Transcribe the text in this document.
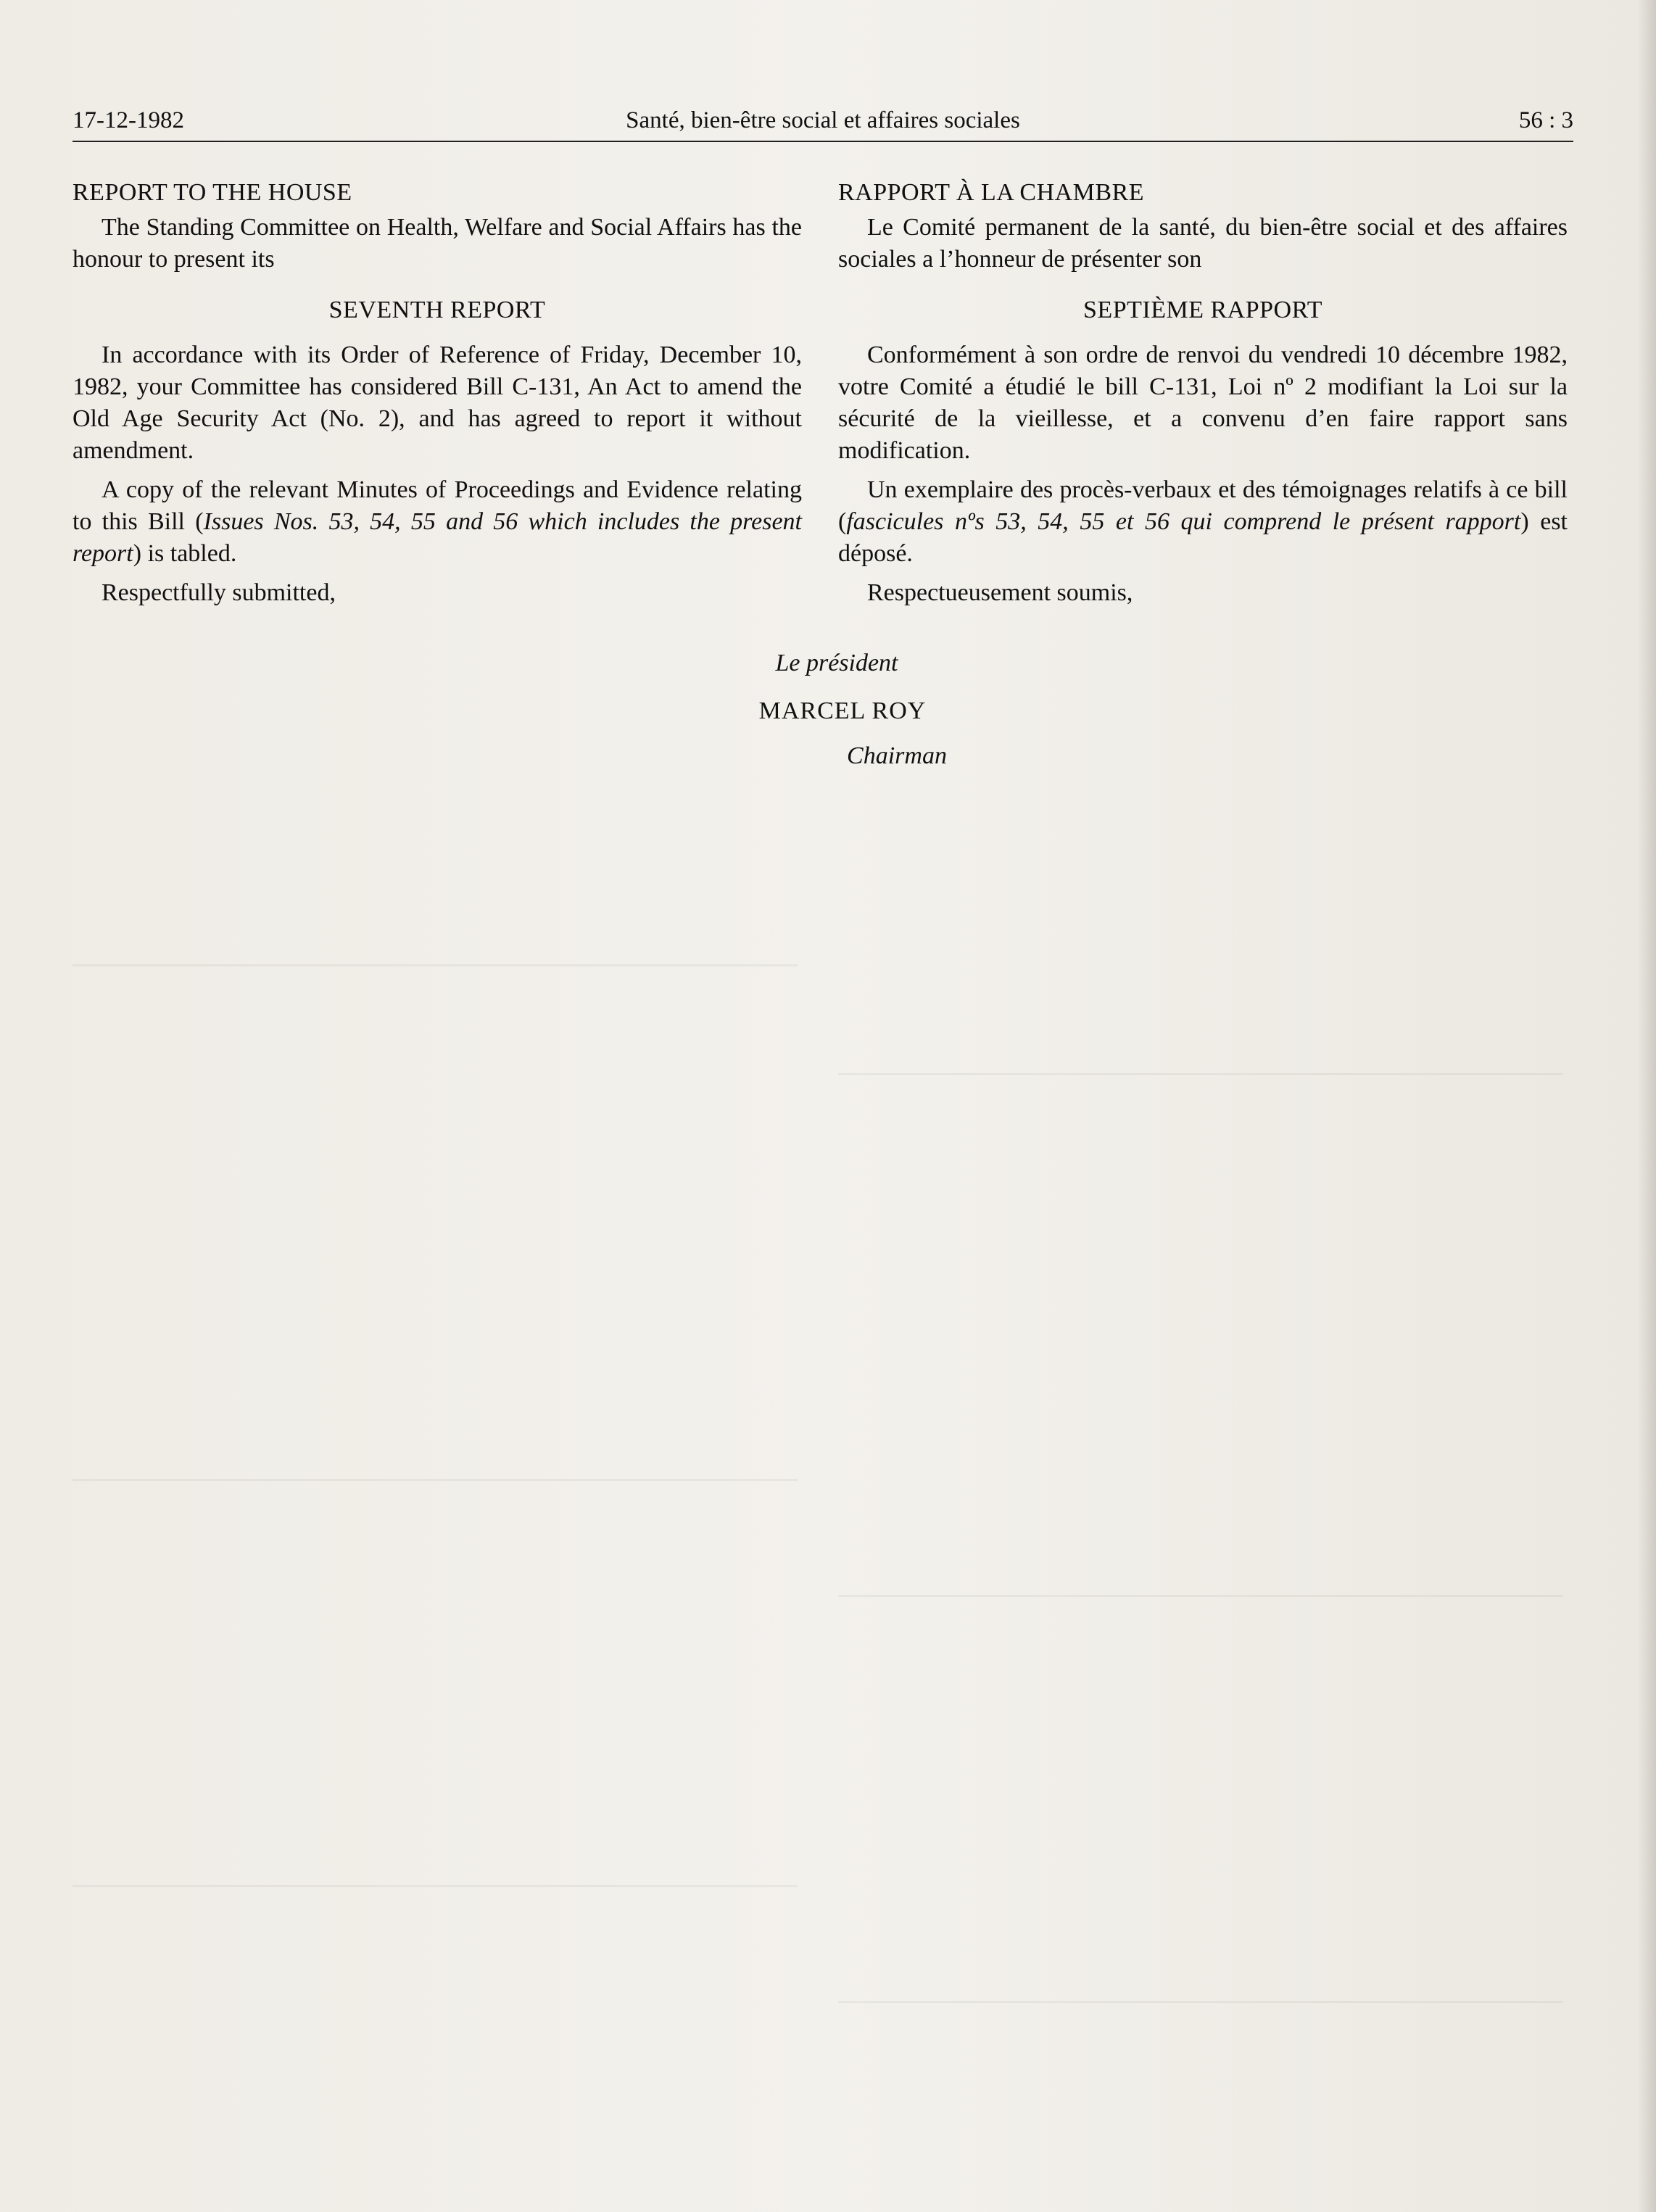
17-12-1982	Santé, bien-être social et affaires sociales	56 : 3

REPORT TO THE HOUSE

The Standing Committee on Health, Welfare and Social Affairs has the honour to present its

SEVENTH REPORT

In accordance with its Order of Reference of Friday, December 10, 1982, your Committee has considered Bill C-131, An Act to amend the Old Age Security Act (No. 2), and has agreed to report it without amendment.

A copy of the relevant Minutes of Proceedings and Evidence relating to this Bill (Issues Nos. 53, 54, 55 and 56 which includes the present report) is tabled.

Respectfully submitted,

RAPPORT À LA CHAMBRE

Le Comité permanent de la santé, du bien-être social et des affaires sociales a l’honneur de présenter son

SEPTIÈME RAPPORT

Conformément à son ordre de renvoi du vendredi 10 décembre 1982, votre Comité a étudié le bill C-131, Loi nº 2 modifiant la Loi sur la sécurité de la vieillesse, et a convenu d’en faire rapport sans modification.

Un exemplaire des procès-verbaux et des témoignages relatifs à ce bill (fascicules nºs 53, 54, 55 et 56 qui comprend le présent rapport) est déposé.

Respectueusement soumis,

Le président
MARCEL ROY
Chairman
